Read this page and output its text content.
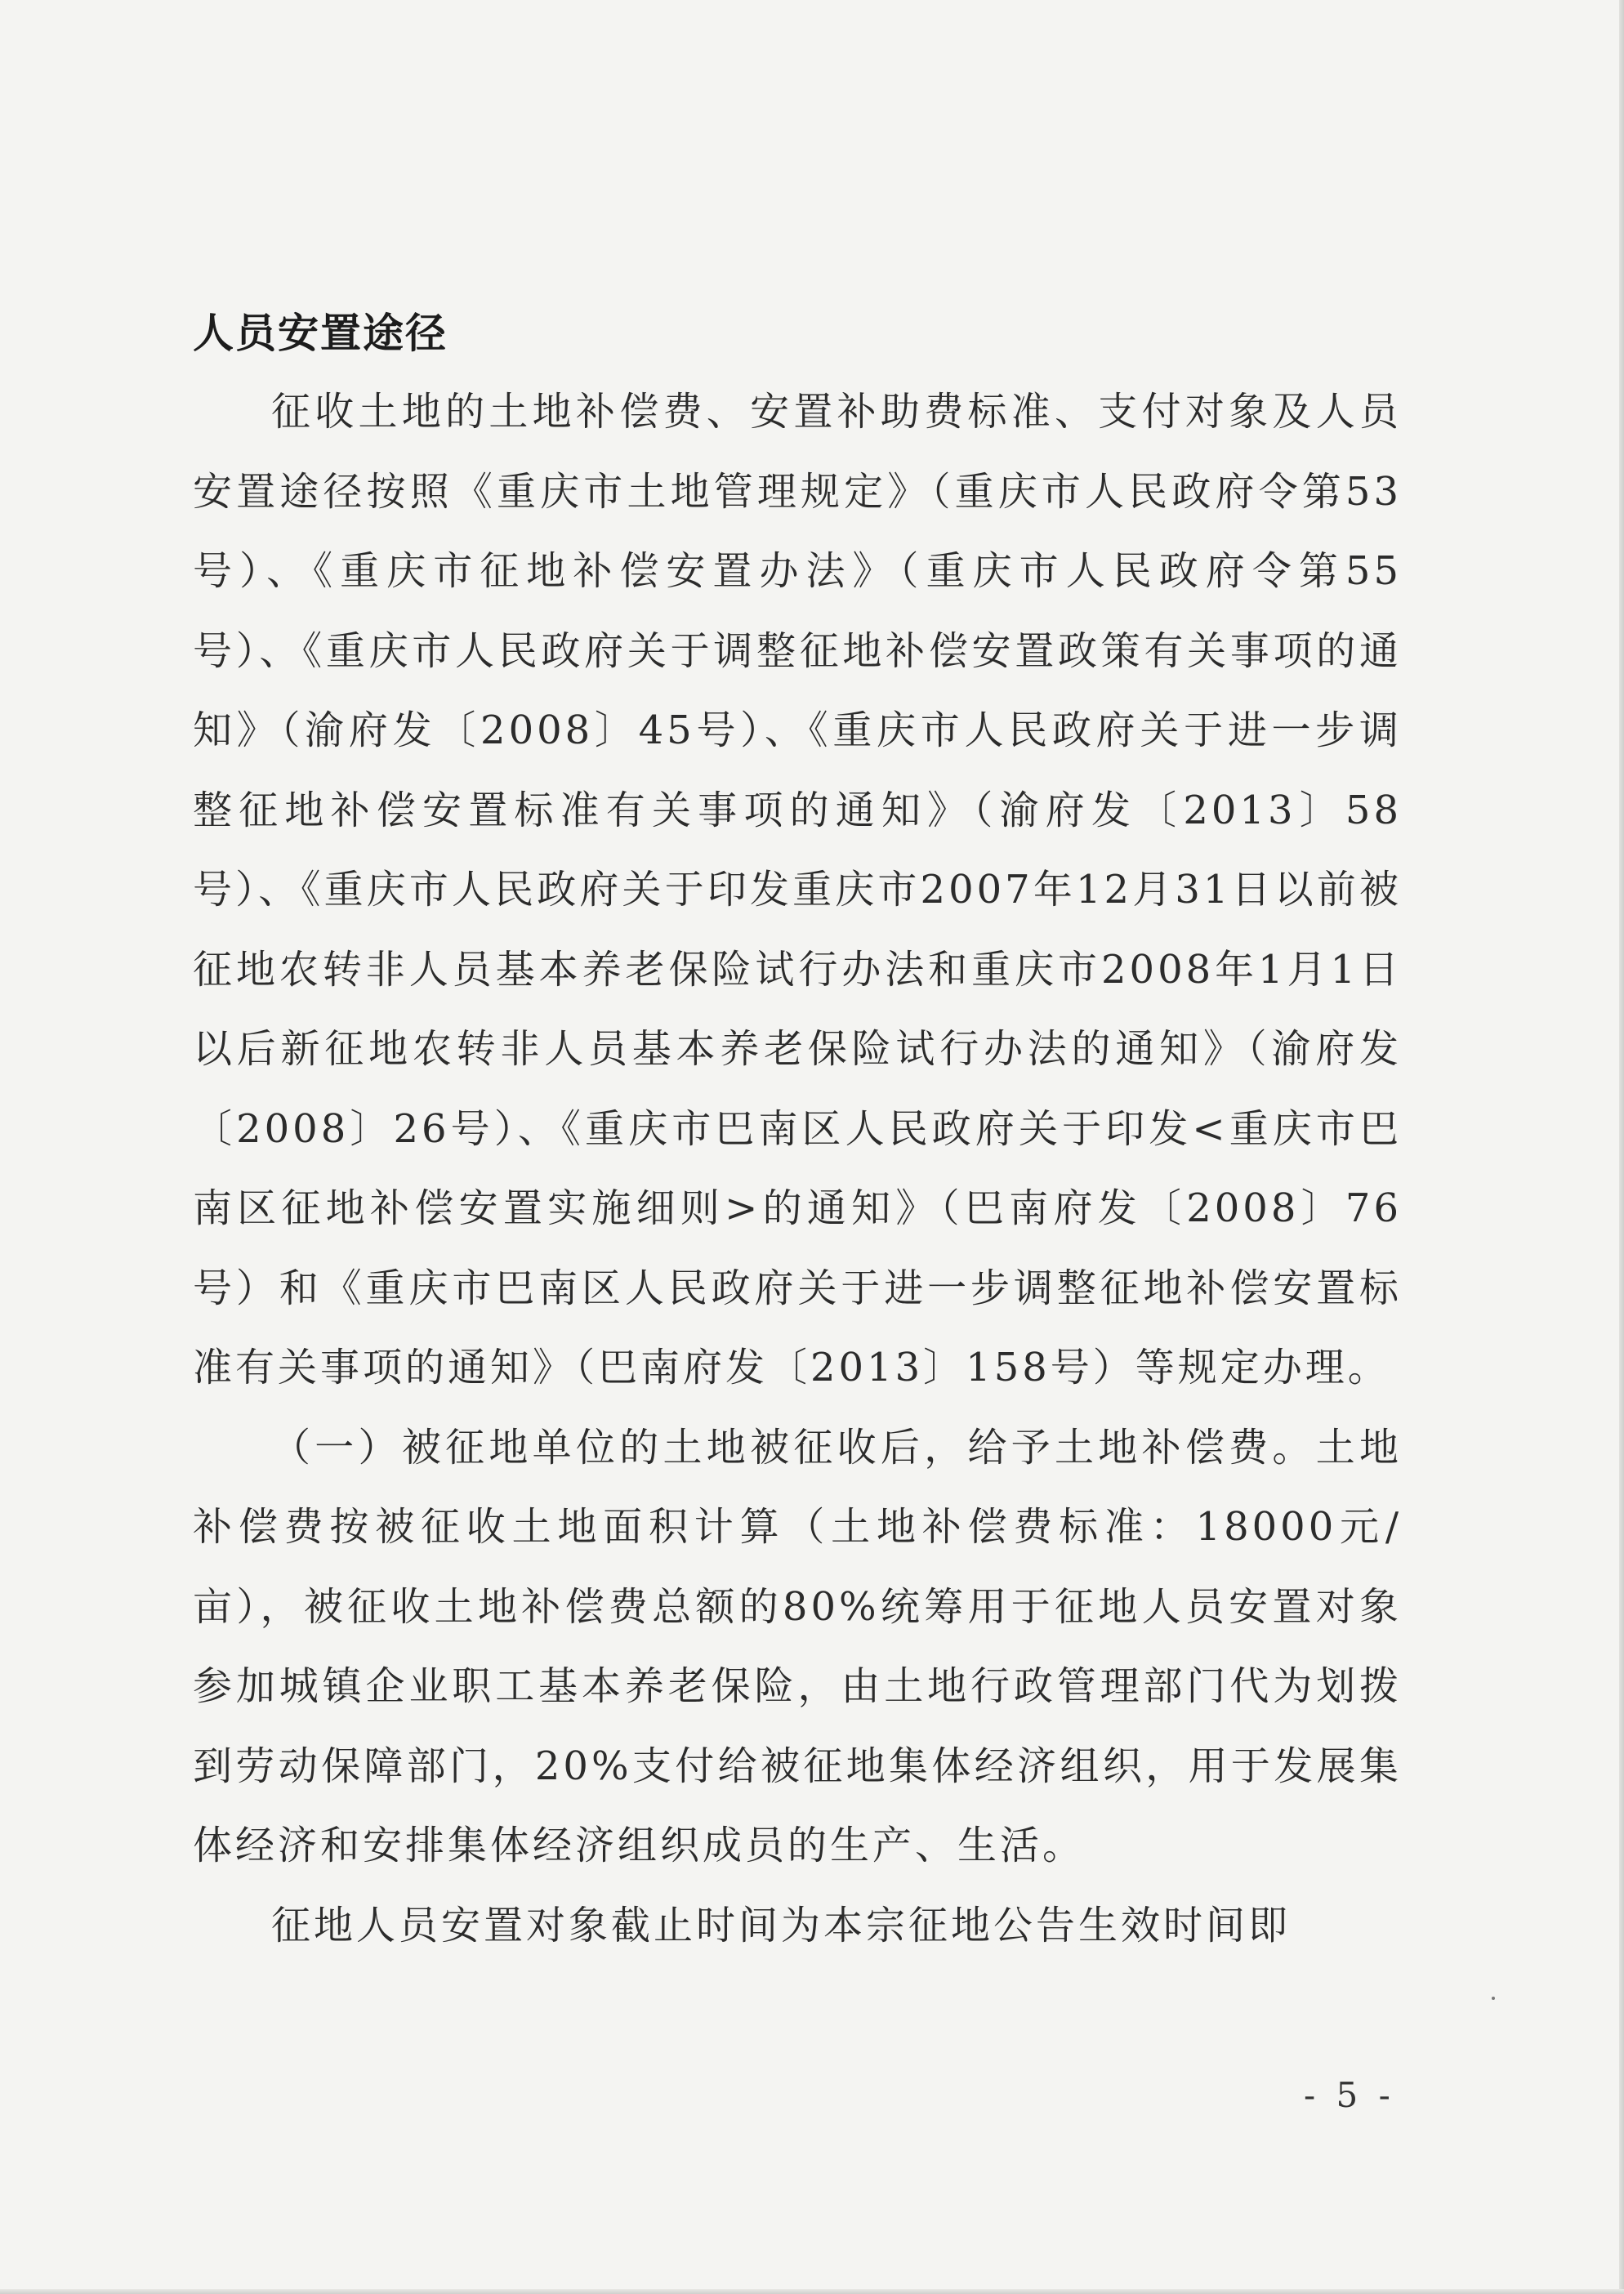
人员安置途径

征收土地的土地补偿费、安置补助费标准、支付对象及人员安置途径按照《重庆市土地管理规定》（重庆市人民政府令第53号）、《重庆市征地补偿安置办法》（重庆市人民政府令第55号）、《重庆市人民政府关于调整征地补偿安置政策有关事项的通知》（渝府发〔2008〕45号）、《重庆市人民政府关于进一步调整征地补偿安置标准有关事项的通知》（渝府发〔2013〕58号）、《重庆市人民政府关于印发重庆市2007年12月31日以前被征地农转非人员基本养老保险试行办法和重庆市2008年1月1日以后新征地农转非人员基本养老保险试行办法的通知》（渝府发〔2008〕26号）、《重庆市巴南区人民政府关于印发<重庆市巴南区征地补偿安置实施细则>的通知》（巴南府发〔2008〕76号）和《重庆市巴南区人民政府关于进一步调整征地补偿安置标准有关事项的通知》（巴南府发〔2013〕158号）等规定办理。

（一）被征地单位的土地被征收后，给予土地补偿费。土地补偿费按被征收土地面积计算（土地补偿费标准：18000元/亩），被征收土地补偿费总额的80%统筹用于征地人员安置对象参加城镇企业职工基本养老保险，由土地行政管理部门代为划拨到劳动保障部门，20%支付给被征地集体经济组织，用于发展集体经济和安排集体经济组织成员的生产、生活。

征地人员安置对象截止时间为本宗征地公告生效时间即

- 5 -
